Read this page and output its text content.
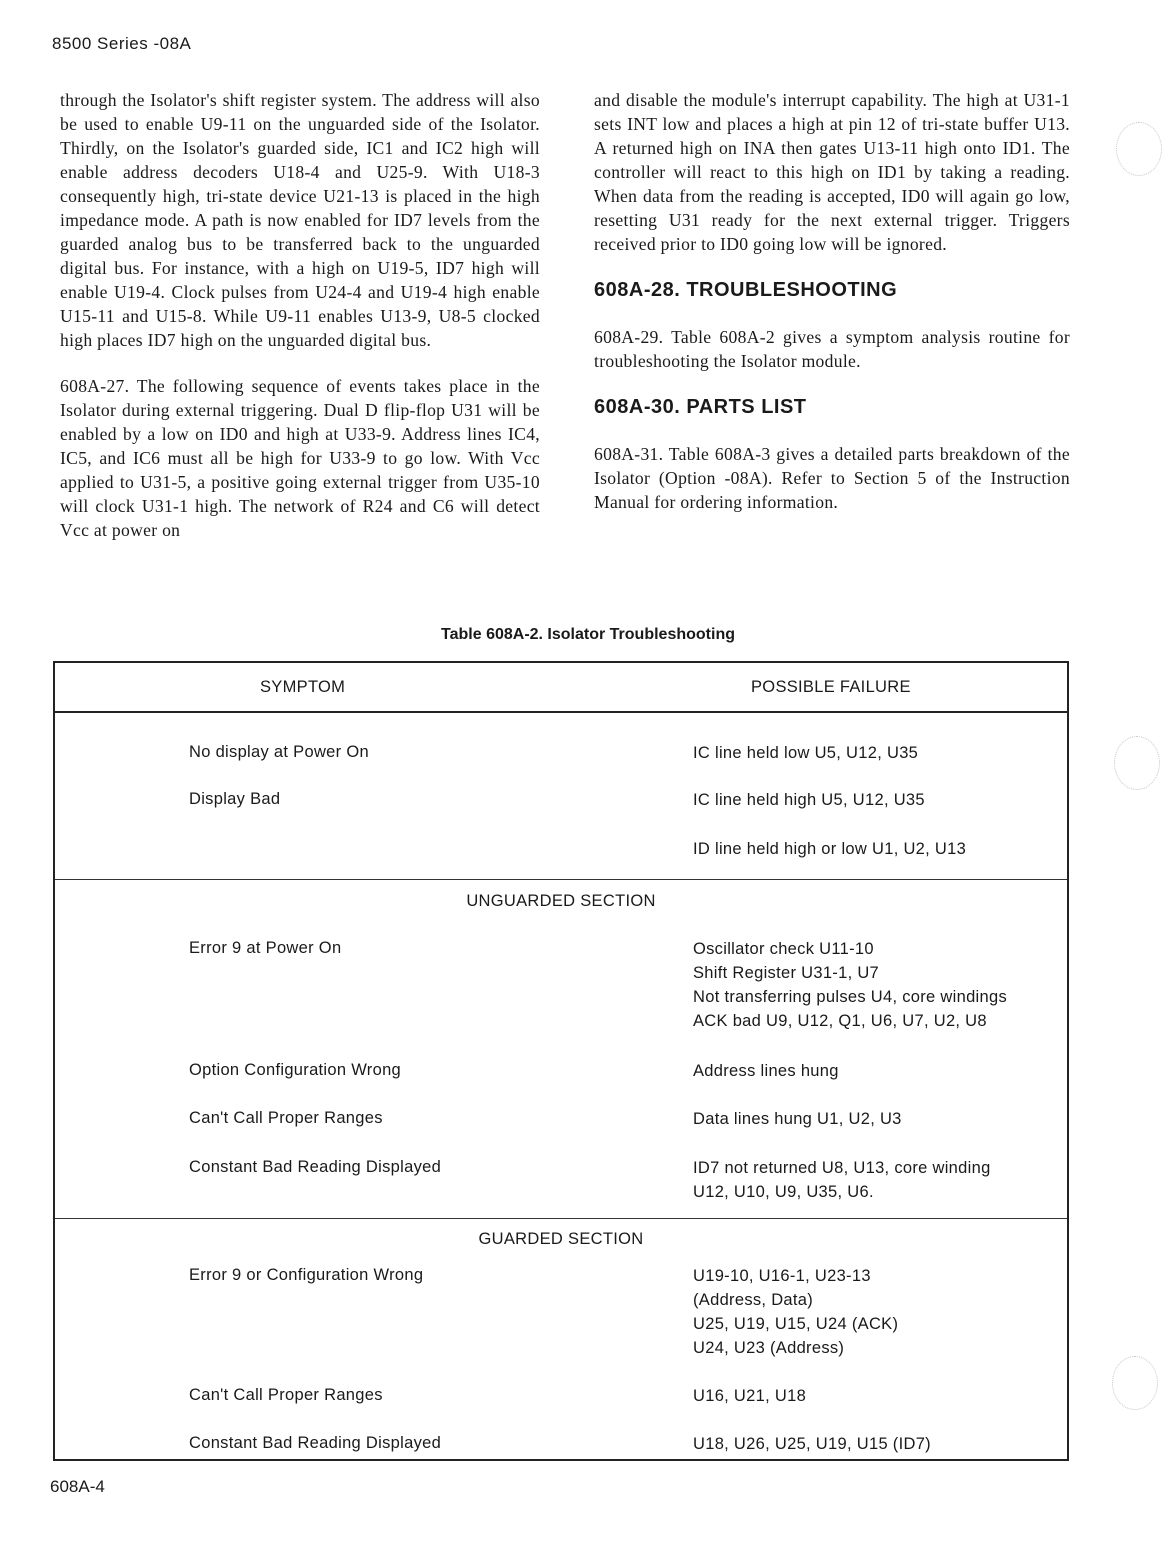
8500 Series -08A

through the Isolator's shift register system. The address will also be used to enable U9-11 on the unguarded side of the Isolator. Thirdly, on the Isolator's guarded side, IC1 and IC2 high will enable address decoders U18-4 and U25-9. With U18-3 consequently high, tri-state device U21-13 is placed in the high impedance mode. A path is now enabled for ID7 levels from the guarded analog bus to be transferred back to the unguarded digital bus. For instance, with a high on U19-5, ID7 high will enable U19-4. Clock pulses from U24-4 and U19-4 high enable U15-11 and U15-8. While U9-11 enables U13-9, U8-5 clocked high places ID7 high on the unguarded digital bus.

608A-27. The following sequence of events takes place in the Isolator during external triggering. Dual D flip-flop U31 will be enabled by a low on ID0 and high at U33-9. Address lines IC4, IC5, and IC6 must all be high for U33-9 to go low. With Vcc applied to U31-5, a positive going external trigger from U35-10 will clock U31-1 high. The network of R24 and C6 will detect Vcc at power on

and disable the module's interrupt capability. The high at U31-1 sets INT low and places a high at pin 12 of tri-state buffer U13. A returned high on INA then gates U13-11 high onto ID1. The controller will react to this high on ID1 by taking a reading. When data from the reading is accepted, ID0 will again go low, resetting U31 ready for the next external trigger. Triggers received prior to ID0 going low will be ignored.

608A-28. TROUBLESHOOTING

608A-29. Table 608A-2 gives a symptom analysis routine for troubleshooting the Isolator module.

608A-30. PARTS LIST

608A-31. Table 608A-3 gives a detailed parts breakdown of the Isolator (Option -08A). Refer to Section 5 of the Instruction Manual for ordering information.

Table 608A-2. Isolator Troubleshooting
SYMPTOM	POSSIBLE FAILURE
No display at Power On	IC line held low U5, U12, U35
Display Bad	IC line held high U5, U12, U35
ID line held high or low U1, U2, U13
UNGUARDED SECTION
Error 9 at Power On	Oscillator check U11-10
Shift Register U31-1, U7
Not transferring pulses U4, core windings
ACK bad U9, U12, Q1, U6, U7, U2, U8
Option Configuration Wrong	Address lines hung
Can't Call Proper Ranges	Data lines hung U1, U2, U3
Constant Bad Reading Displayed	ID7 not returned U8, U13, core winding
U12, U10, U9, U35, U6.
GUARDED SECTION
Error 9 or Configuration Wrong	U19-10, U16-1, U23-13
(Address, Data)
U25, U19, U15, U24 (ACK)
U24, U23 (Address)
Can't Call Proper Ranges	U16, U21, U18
Constant Bad Reading Displayed	U18, U26, U25, U19, U15 (ID7)
608A-4
